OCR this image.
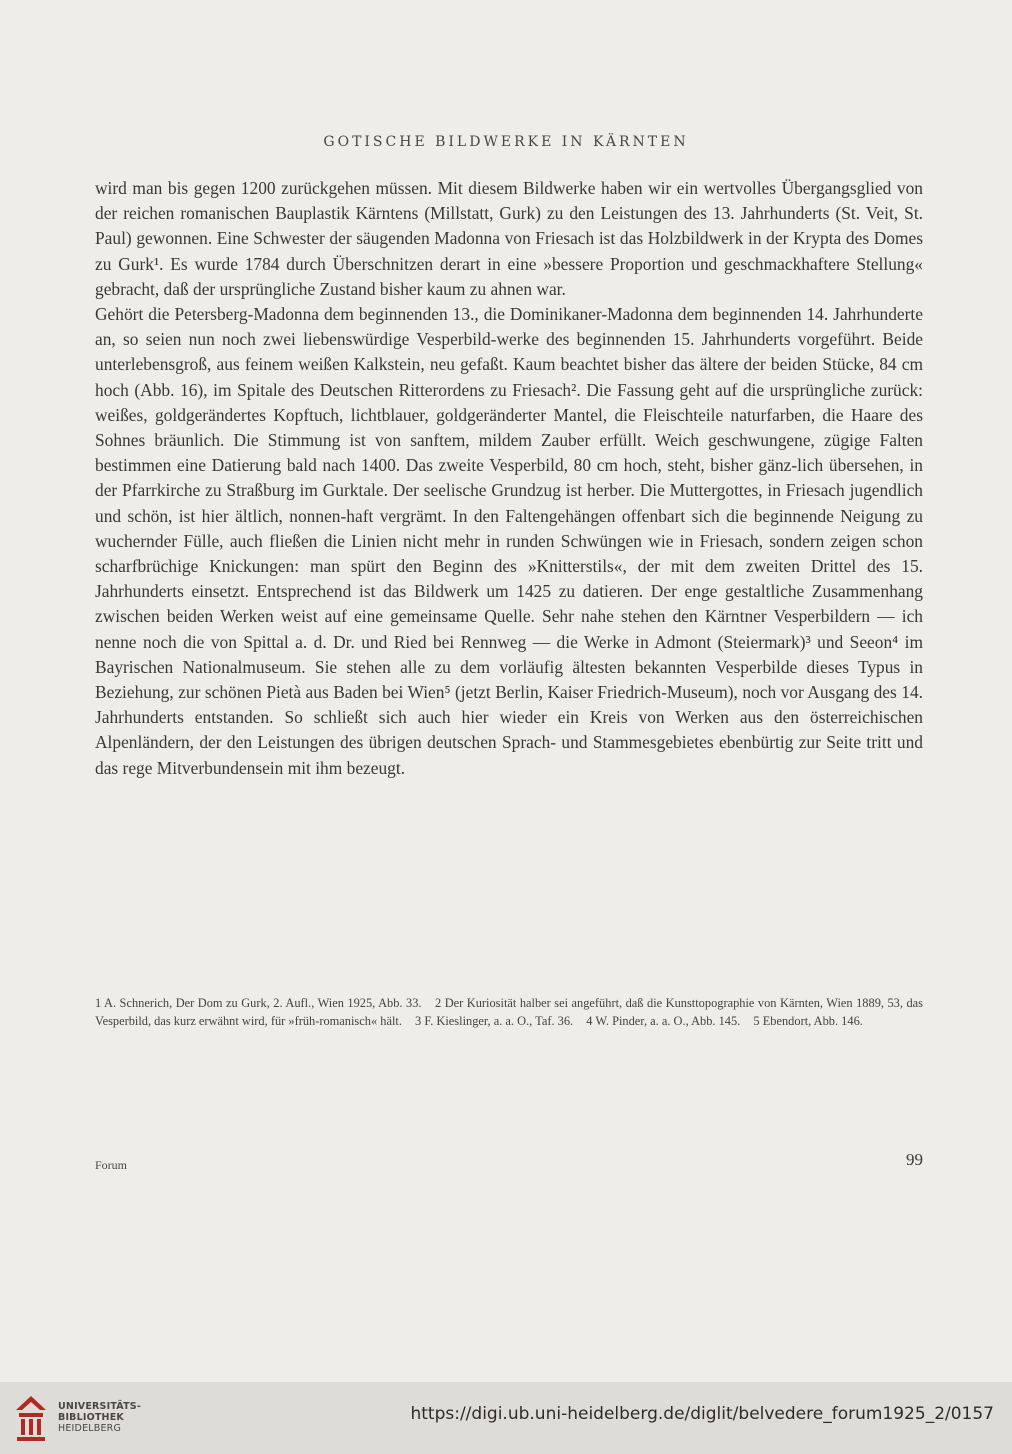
GOTISCHE BILDWERKE IN KÄRNTEN

wird man bis gegen 1200 zurückgehen müssen. Mit diesem Bildwerke haben wir ein wertvolles Übergangsglied von der reichen romanischen Bauplastik Kärntens (Millstatt, Gurk) zu den Leistungen des 13. Jahrhunderts (St. Veit, St. Paul) gewonnen. Eine Schwester der säugenden Madonna von Friesach ist das Holzbildwerk in der Krypta des Domes zu Gurk¹. Es wurde 1784 durch Überschnitzen derart in eine »bessere Proportion und geschmackhaftere Stellung« gebracht, daß der ursprüngliche Zustand bisher kaum zu ahnen war.

Gehört die Petersberg-Madonna dem beginnenden 13., die Dominikaner-Madonna dem beginnenden 14. Jahrhunderte an, so seien nun noch zwei liebenswürdige Vesperbild-werke des beginnenden 15. Jahrhunderts vorgeführt. Beide unterlebensgroß, aus feinem weißen Kalkstein, neu gefaßt. Kaum beachtet bisher das ältere der beiden Stücke, 84 cm hoch (Abb. 16), im Spitale des Deutschen Ritterordens zu Friesach². Die Fassung geht auf die ursprüngliche zurück: weißes, goldgerändertes Kopftuch, lichtblauer, goldgeränderter Mantel, die Fleischteile naturfarben, die Haare des Sohnes bräunlich. Die Stimmung ist von sanftem, mildem Zauber erfüllt. Weich geschwungene, zügige Falten bestimmen eine Datierung bald nach 1400. Das zweite Vesperbild, 80 cm hoch, steht, bisher gänz-lich übersehen, in der Pfarrkirche zu Straßburg im Gurktale. Der seelische Grundzug ist herber. Die Muttergottes, in Friesach jugendlich und schön, ist hier ältlich, nonnen-haft vergrämt. In den Faltengehängen offenbart sich die beginnende Neigung zu wuchernder Fülle, auch fließen die Linien nicht mehr in runden Schwüngen wie in Friesach, sondern zeigen schon scharfbrüchige Knickungen: man spürt den Beginn des »Knitterstils«, der mit dem zweiten Drittel des 15. Jahrhunderts einsetzt. Entsprechend ist das Bildwerk um 1425 zu datieren. Der enge gestaltliche Zusammenhang zwischen beiden Werken weist auf eine gemeinsame Quelle. Sehr nahe stehen den Kärntner Vesperbildern — ich nenne noch die von Spittal a. d. Dr. und Ried bei Rennweg — die Werke in Admont (Steiermark)³ und Seeon⁴ im Bayrischen Nationalmuseum. Sie stehen alle zu dem vorläufig ältesten bekannten Vesperbilde dieses Typus in Beziehung, zur schönen Pietà aus Baden bei Wien⁵ (jetzt Berlin, Kaiser Friedrich-Museum), noch vor Ausgang des 14. Jahrhunderts entstanden. So schließt sich auch hier wieder ein Kreis von Werken aus den österreichischen Alpenländern, der den Leistungen des übrigen deutschen Sprach- und Stammesgebietes ebenbürtig zur Seite tritt und das rege Mitverbundensein mit ihm bezeugt.

1 A. Schnerich, Der Dom zu Gurk, 2. Aufl., Wien 1925, Abb. 33. 2 Der Kuriosität halber sei angeführt, daß die Kunsttopographie von Kärnten, Wien 1889, 53, das Vesperbild, das kurz erwähnt wird, für »früh-romanisch« hält. 3 F. Kieslinger, a. a. O., Taf. 36. 4 W. Pinder, a. a. O., Abb. 145. 5 Ebendort, Abb. 146.
Forum	99
UNIVERSITÄTS-
BIBLIOTHEK
HEIDELBERG
https://digi.ub.uni-heidelberg.de/diglit/belvedere_forum1925_2/0157
